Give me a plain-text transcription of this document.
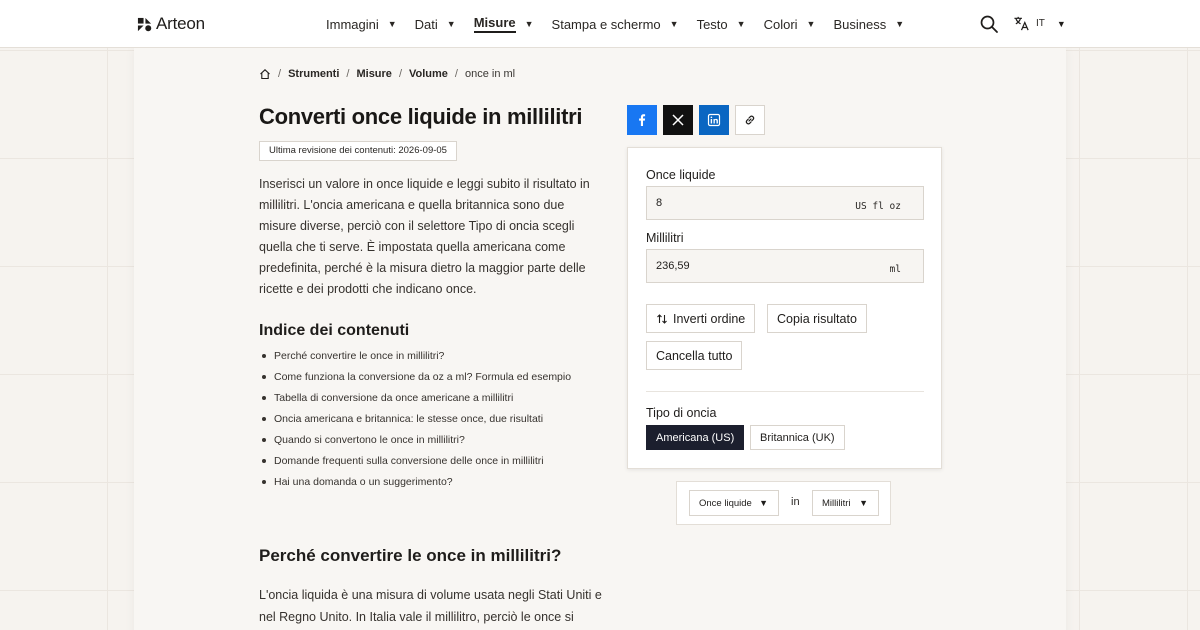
Arteon	Immagini ▼ Dati ▼ Misure ▼ Stampa e schermo ▼ Testo ▼ Colori ▼ Business ▼	IT ▼
/ Strumenti / Misure / Volume / once in ml
Converti once liquide in millilitri
Ultima revisione dei contenuti: 2026-09-05

Inserisci un valore in once liquide e leggi subito il risultato in millilitri. L'oncia americana e quella britannica sono due misure diverse, perciò con il selettore Tipo di oncia scegli quella che ti serve. È impostata quella americana come predefinita, perché è la misura dietro la maggior parte delle ricette e dei prodotti che indicano once.

Indice dei contenuti
Perché convertire le once in millilitri?
Come funziona la conversione da oz a ml? Formula ed esempio
Tabella di conversione da once americane a millilitri
Oncia americana e britannica: le stesse once, due risultati
Quando si convertono le once in millilitri?
Domande frequenti sulla conversione delle once in millilitri
Hai una domanda o un suggerimento?
Perché convertire le once in millilitri?

L'oncia liquida è una misura di volume usata negli Stati Uniti e nel Regno Unito. In Italia vale il millilitro, perciò le once si

Once liquide
8
US fl oz
Millilitri
236,59
ml
Inverti ordine	Copia risultato
Cancella tutto
Tipo di oncia
Americana (US)	Britannica (UK)
Once liquide ▼ in Millilitri ▼
